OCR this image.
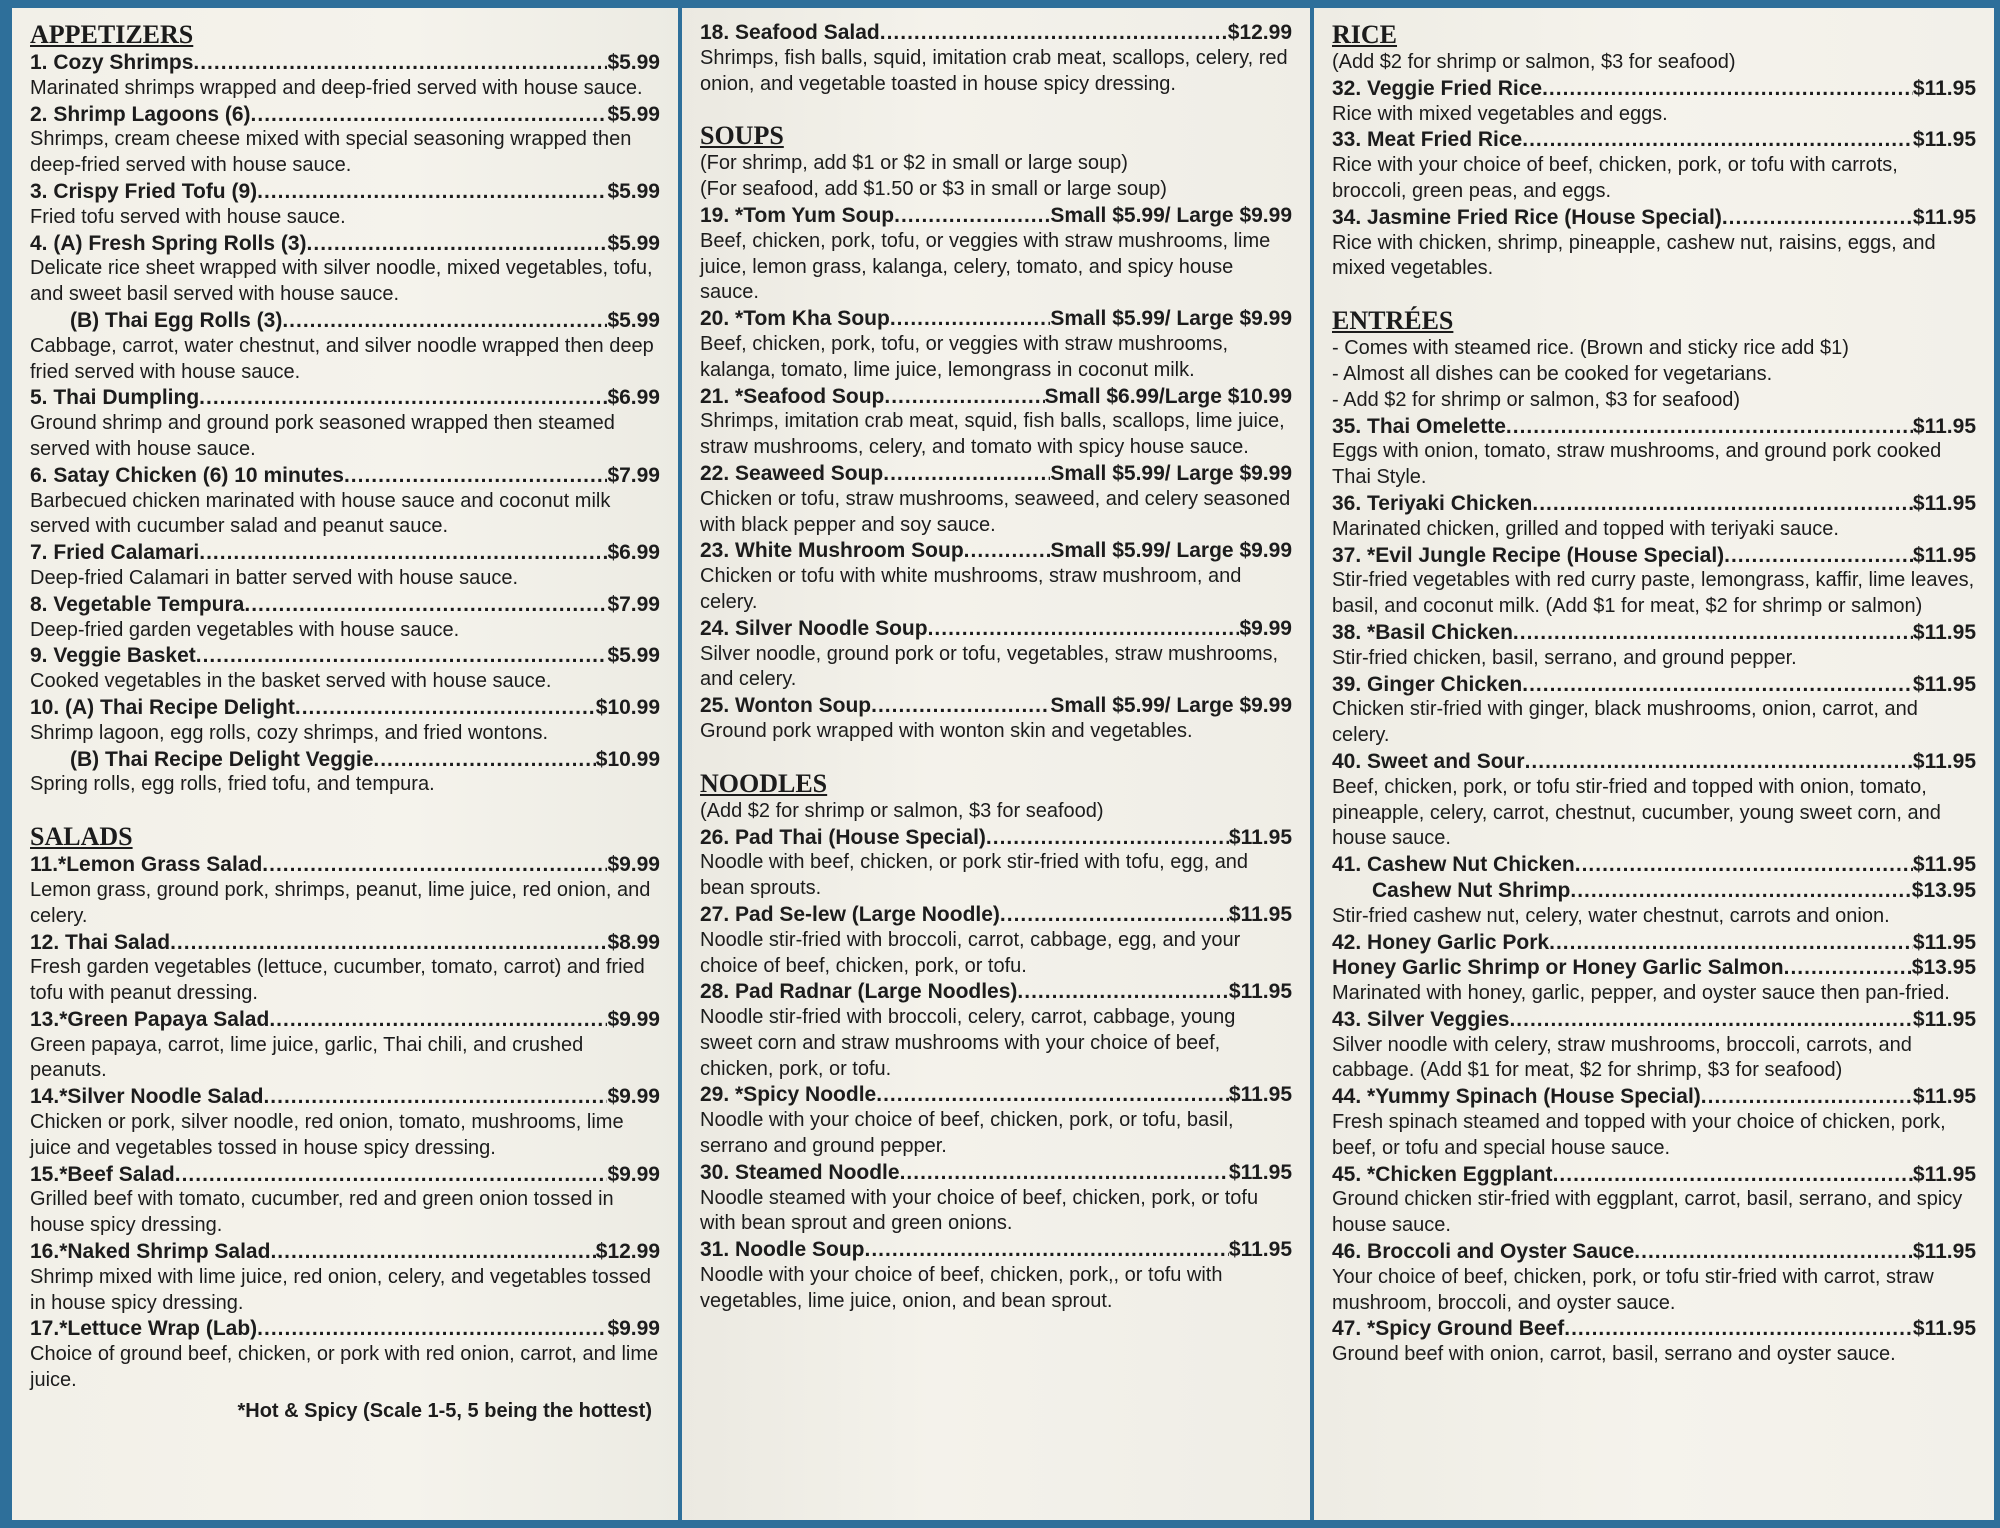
APPETIZERS
1. Cozy Shrimps .....	$5.99
Marinated shrimps wrapped and deep-fried served with house sauce.
2. Shrimp Lagoons (6) .....	$5.99
Shrimps, cream cheese mixed with special seasoning wrapped then deep-fried served with house sauce.
3. Crispy Fried Tofu (9) .....	$5.99
Fried tofu served with house sauce.
4. (A) Fresh Spring Rolls (3) .....	$5.99
Delicate rice sheet wrapped with silver noodle, mixed vegetables, tofu, and sweet basil served with house sauce.
(B) Thai Egg Rolls (3) .....	$5.99
Cabbage, carrot, water chestnut, and silver noodle wrapped then deep fried served with house sauce.
5. Thai Dumpling .....	$6.99
Ground shrimp and ground pork seasoned wrapped then steamed served with house sauce.
6. Satay Chicken (6) 10 minutes .....	$7.99
Barbecued chicken marinated with house sauce and coconut milk served with cucumber salad and peanut sauce.
7. Fried Calamari .....	$6.99
Deep-fried Calamari in batter served with house sauce.
8. Vegetable Tempura .....	$7.99
Deep-fried garden vegetables with house sauce.
9. Veggie Basket .....	$5.99
Cooked vegetables in the basket served with house sauce.
10. (A) Thai Recipe Delight .....	$10.99
Shrimp lagoon, egg rolls, cozy shrimps, and fried wontons.
(B) Thai Recipe Delight Veggie .....	$10.99
Spring rolls, egg rolls, fried tofu, and tempura.
SALADS
11.*Lemon Grass Salad .....	$9.99
Lemon grass, ground pork, shrimps, peanut, lime juice, red onion, and celery.
12. Thai Salad .....	$8.99
Fresh garden vegetables (lettuce, cucumber, tomato, carrot) and fried tofu with peanut dressing.
13.*Green Papaya Salad .....	$9.99
Green papaya, carrot, lime juice, garlic, Thai chili, and crushed peanuts.
14.*Silver Noodle Salad .....	$9.99
Chicken or pork, silver noodle, red onion, tomato, mushrooms, lime juice and vegetables tossed in house spicy dressing.
15.*Beef Salad .....	$9.99
Grilled beef with tomato, cucumber, red and green onion tossed in house spicy dressing.
16.*Naked Shrimp Salad .....	$12.99
Shrimp mixed with lime juice, red onion, celery, and vegetables tossed in house spicy dressing.
17.*Lettuce Wrap (Lab) .....	$9.99
Choice of ground beef, chicken, or pork with red onion, carrot, and lime juice.
*Hot & Spicy (Scale 1-5, 5 being the hottest)
18. Seafood Salad .....	$12.99
Shrimps, fish balls, squid, imitation crab meat, scallops, celery, red onion, and vegetable toasted in house spicy dressing.
SOUPS
(For shrimp, add $1 or $2 in small or large soup)
(For seafood, add $1.50 or $3 in small or large soup)
19. *Tom Yum Soup .....	Small $5.99/ Large $9.99
Beef, chicken, pork, tofu, or veggies with straw mushrooms, lime juice, lemon grass, kalanga, celery, tomato, and spicy house sauce.
20. *Tom Kha Soup .....	Small $5.99/ Large $9.99
Beef, chicken, pork, tofu, or veggies with straw mushrooms, kalanga, tomato, lime juice, lemongrass in coconut milk.
21. *Seafood Soup .....	Small $6.99/Large $10.99
Shrimps, imitation crab meat, squid, fish balls, scallops, lime juice, straw mushrooms, celery, and tomato with spicy house sauce.
22. Seaweed Soup .....	Small $5.99/ Large $9.99
Chicken or tofu, straw mushrooms, seaweed, and celery seasoned with black pepper and soy sauce.
23. White Mushroom Soup .....	Small $5.99/ Large $9.99
Chicken or tofu with white mushrooms, straw mushroom, and celery.
24. Silver Noodle Soup .....	$9.99
Silver noodle, ground pork or tofu, vegetables, straw mushrooms, and celery.
25. Wonton Soup .....	Small $5.99/ Large $9.99
Ground pork wrapped with wonton skin and vegetables.
NOODLES
(Add $2 for shrimp or salmon, $3 for seafood)
26. Pad Thai (House Special) .....	$11.95
Noodle with beef, chicken, or pork stir-fried with tofu, egg, and bean sprouts.
27. Pad Se-lew (Large Noodle) .....	$11.95
Noodle stir-fried with broccoli, carrot, cabbage, egg, and your choice of beef, chicken, pork, or tofu.
28. Pad Radnar (Large Noodles) .....	$11.95
Noodle stir-fried with broccoli, celery, carrot, cabbage, young sweet corn and straw mushrooms with your choice of beef, chicken, pork, or tofu.
29. *Spicy Noodle .....	$11.95
Noodle with your choice of beef, chicken, pork, or tofu, basil, serrano and ground pepper.
30. Steamed Noodle .....	$11.95
Noodle steamed with your choice of beef, chicken, pork, or tofu with bean sprout and green onions.
31. Noodle Soup .....	$11.95
Noodle with your choice of beef, chicken, pork,, or tofu with vegetables, lime juice, onion, and bean sprout.
RICE
(Add $2 for shrimp or salmon, $3 for seafood)
32. Veggie Fried Rice .....	$11.95
Rice with mixed vegetables and eggs.
33. Meat Fried Rice .....	$11.95
Rice with your choice of beef, chicken, pork, or tofu with carrots, broccoli, green peas, and eggs.
34. Jasmine Fried Rice (House Special) .....	$11.95
Rice with chicken, shrimp, pineapple, cashew nut, raisins, eggs, and mixed vegetables.
ENTRÉES
- Comes with steamed rice. (Brown and sticky rice add $1)
- Almost all dishes can be cooked for vegetarians.
- Add $2 for shrimp or salmon, $3 for seafood)
35. Thai Omelette .....	$11.95
Eggs with onion, tomato, straw mushrooms, and ground pork cooked Thai Style.
36. Teriyaki Chicken .....	$11.95
Marinated chicken, grilled and topped with teriyaki sauce.
37. *Evil Jungle Recipe (House Special) .....	$11.95
Stir-fried vegetables with red curry paste, lemongrass, kaffir, lime leaves, basil, and coconut milk. (Add $1 for meat, $2 for shrimp or salmon)
38. *Basil Chicken .....	$11.95
Stir-fried chicken, basil, serrano, and ground pepper.
39. Ginger Chicken .....	$11.95
Chicken stir-fried with ginger, black mushrooms, onion, carrot, and celery.
40. Sweet and Sour .....	$11.95
Beef, chicken, pork, or tofu stir-fried and topped with onion, tomato, pineapple, celery, carrot, chestnut, cucumber, young sweet corn, and house sauce.
41. Cashew Nut Chicken .....	$11.95
Cashew Nut Shrimp .....	$13.95
Stir-fried cashew nut, celery, water chestnut, carrots and onion.
42. Honey Garlic Pork .....	$11.95
Honey Garlic Shrimp or Honey Garlic Salmon .....	$13.95
Marinated with honey, garlic, pepper, and oyster sauce then pan-fried.
43. Silver Veggies .....	$11.95
Silver noodle with celery, straw mushrooms, broccoli, carrots, and cabbage. (Add $1 for meat, $2 for shrimp, $3 for seafood)
44. *Yummy Spinach (House Special) .....	$11.95
Fresh spinach steamed and topped with your choice of chicken, pork, beef, or tofu and special house sauce.
45. *Chicken Eggplant .....	$11.95
Ground chicken stir-fried with eggplant, carrot, basil, serrano, and spicy house sauce.
46. Broccoli and Oyster Sauce .....	$11.95
Your choice of beef, chicken, pork, or tofu stir-fried with carrot, straw mushroom, broccoli, and oyster sauce.
47. *Spicy Ground Beef .....	$11.95
Ground beef with onion, carrot, basil, serrano and oyster sauce.
